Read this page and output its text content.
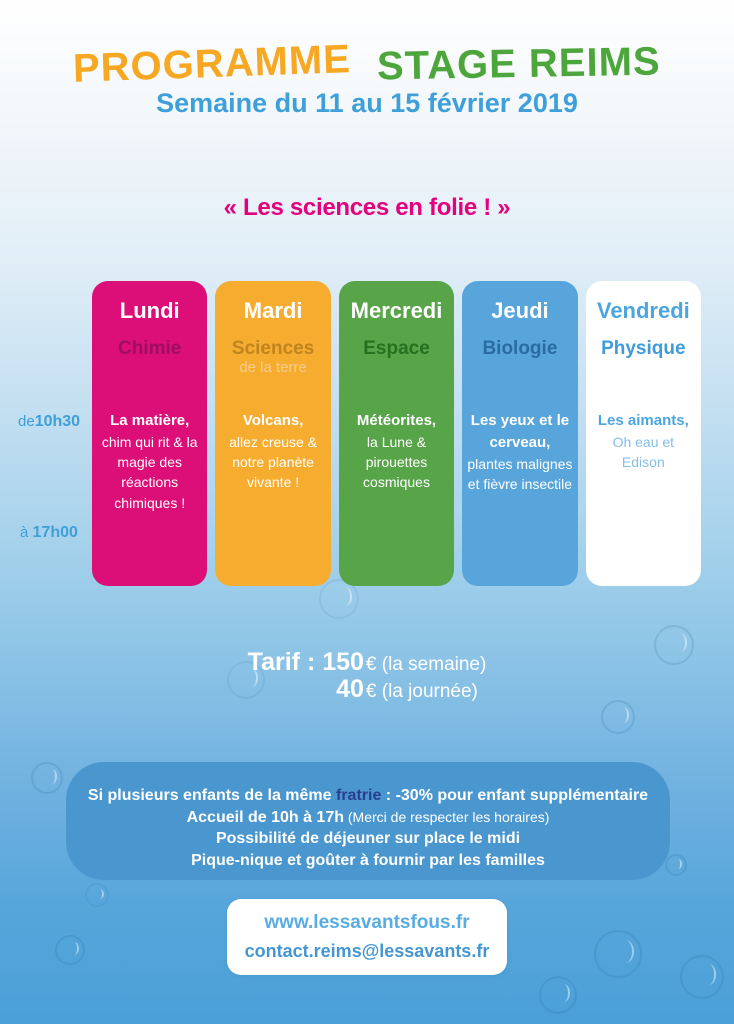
PROGRAMME STAGE REIMS
Semaine du 11 au 15 février 2019
« Les sciences en folie ! »
Lundi
Chimie
La matière,
chim qui rit & la magie des réactions chimiques !
Mardi
Sciences
de la terre
Volcans,
allez creuse & notre planète vivante !
Mercredi
Espace
Météorites,
la Lune & pirouettes cosmiques
Jeudi
Biologie
Les yeux et le cerveau,
plantes malignes et fièvre insectile
Vendredi
Physique
Les aimants,
Oh eau et Edison
de10h30
à 17h00
Tarif : 150 € (la semaine)
40 € (la journée)
Si plusieurs enfants de la même fratrie : -30% pour enfant supplémentaire
Accueil de 10h à 17h (Merci de respecter les horaires)
Possibilité de déjeuner sur place le midi
Pique-nique et goûter à fournir par les familles
www.lessavantsfous.fr
contact.reims@lessavants.fr
